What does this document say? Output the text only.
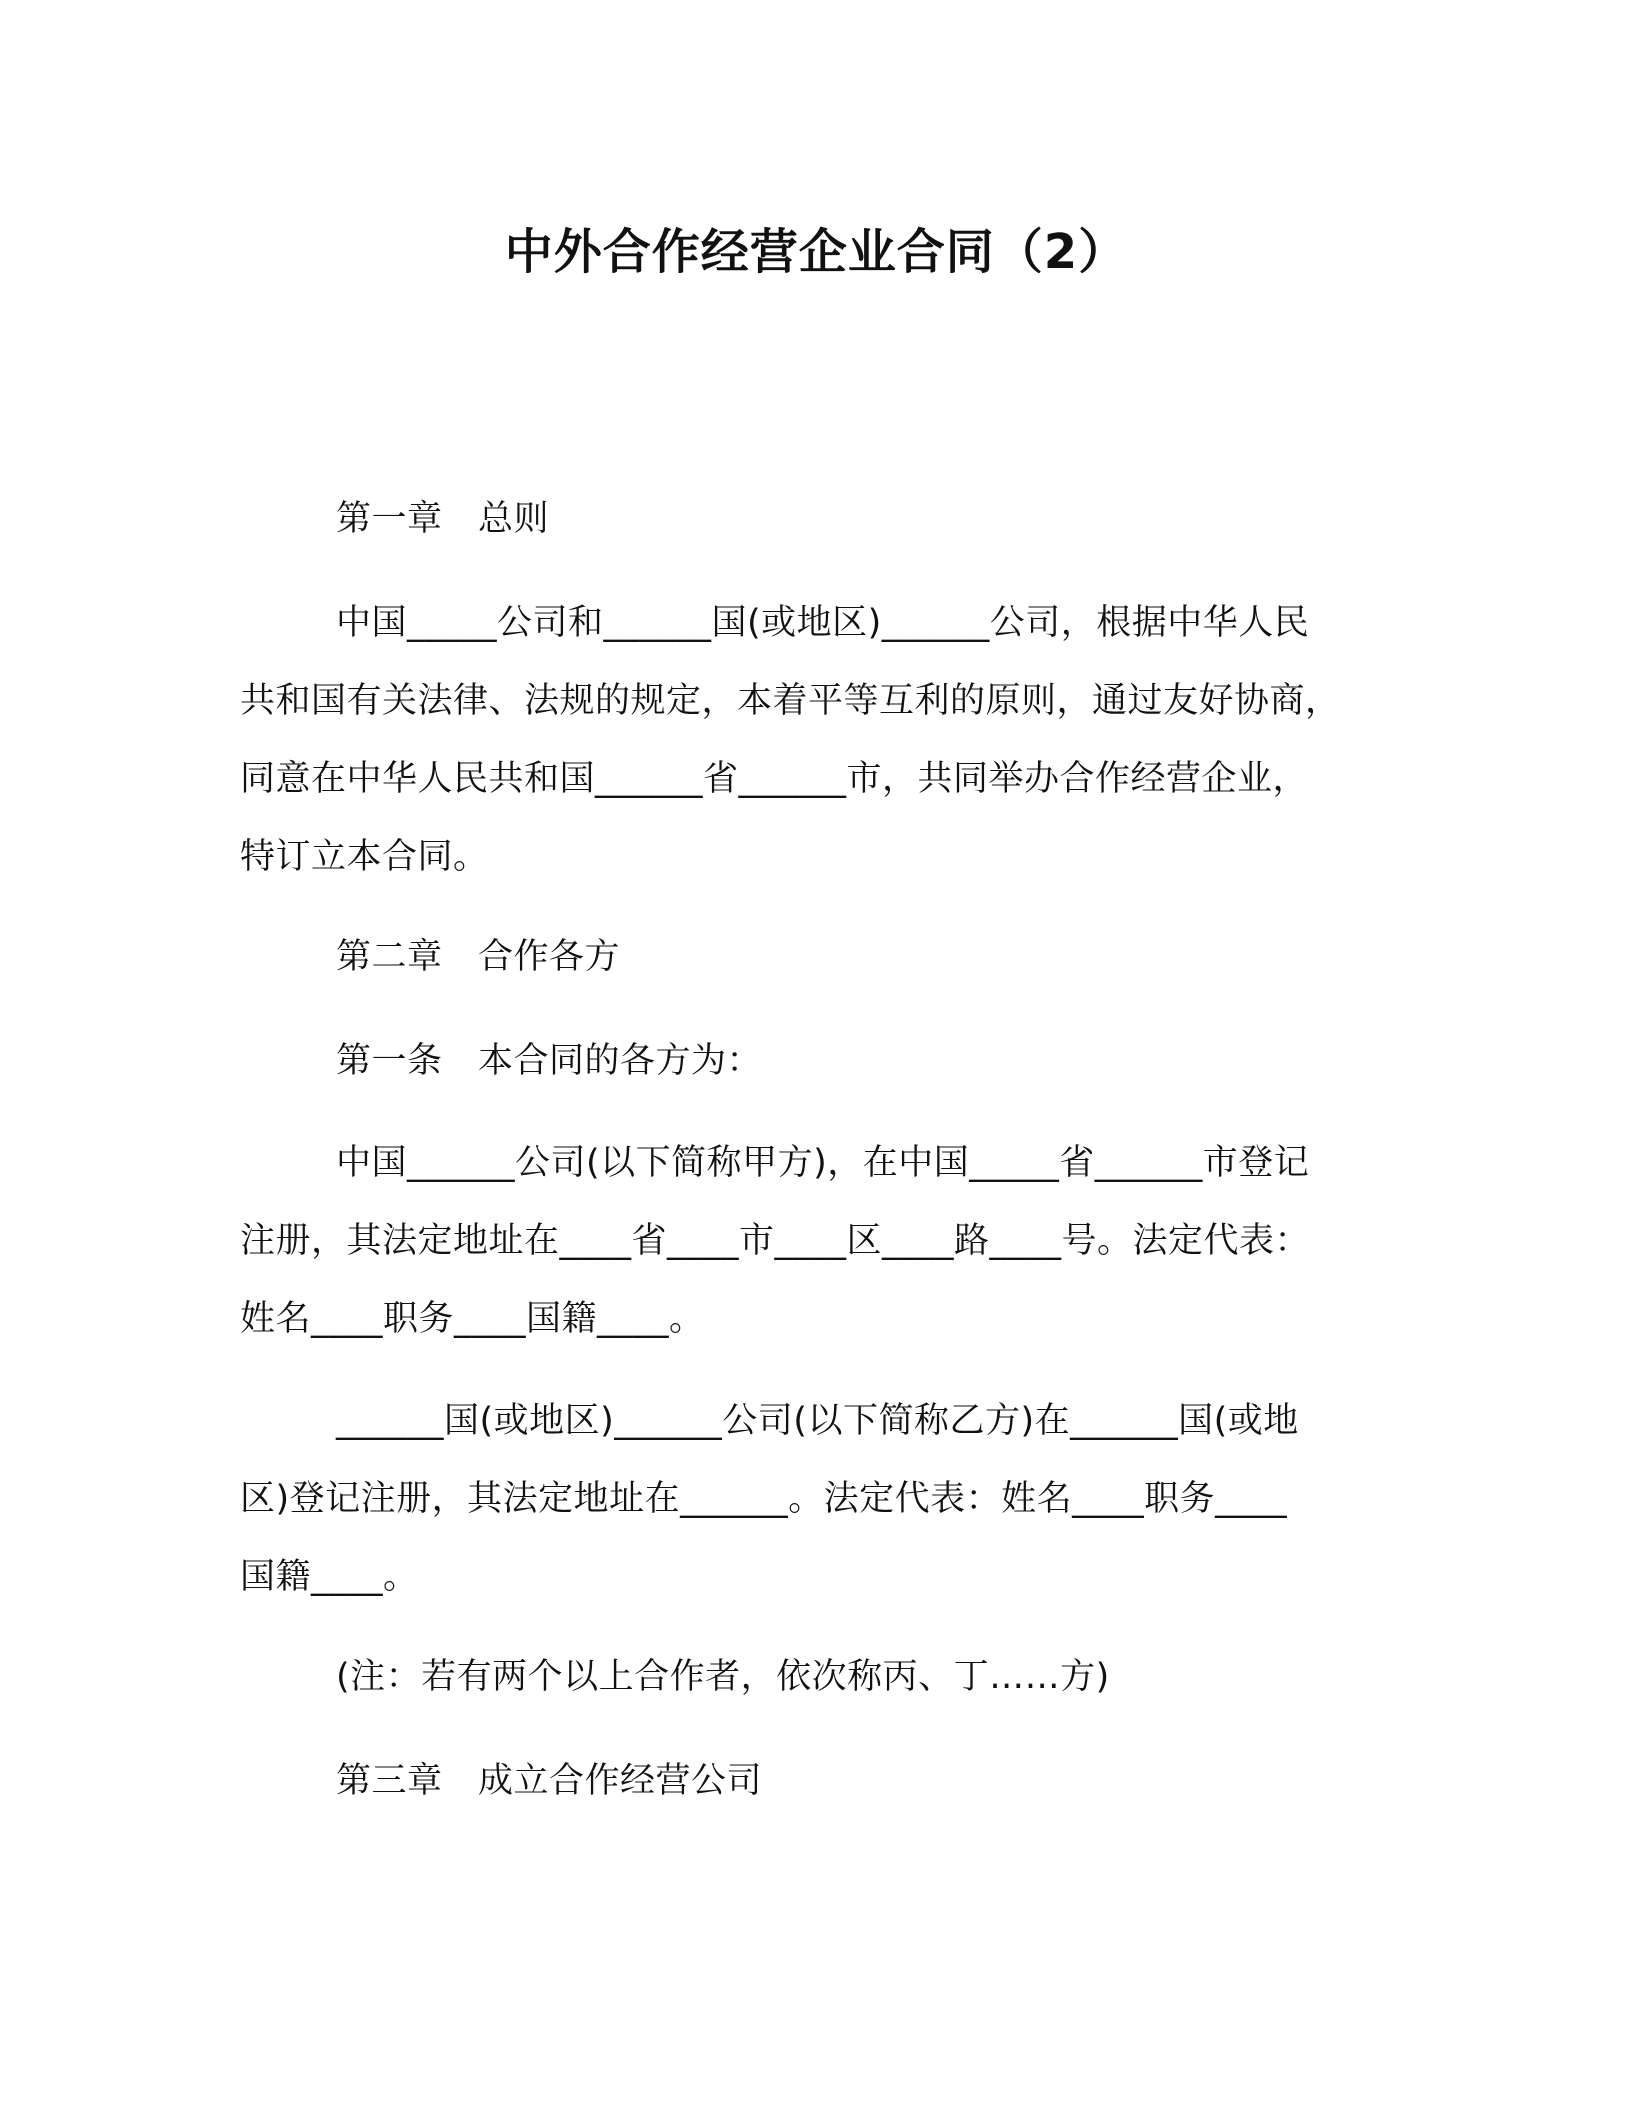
中外合作经营企业合同（2）
第一章　总则
中国_____公司和______国(或地区)______公司，根据中华人民
共和国有关法律、法规的规定，本着平等互利的原则，通过友好协商，
同意在中华人民共和国______省______市，共同举办合作经营企业，
特订立本合同。
第二章　合作各方
第一条　本合同的各方为：
中国______公司(以下简称甲方)，在中国_____省______市登记
注册，其法定地址在____省____市____区____路____号。法定代表：
姓名____职务____国籍____。
______国(或地区)______公司(以下简称乙方)在______国(或地
区)登记注册，其法定地址在______。法定代表：姓名____职务____
国籍____。
(注：若有两个以上合作者，依次称丙、丁……方)
第三章　成立合作经营公司
